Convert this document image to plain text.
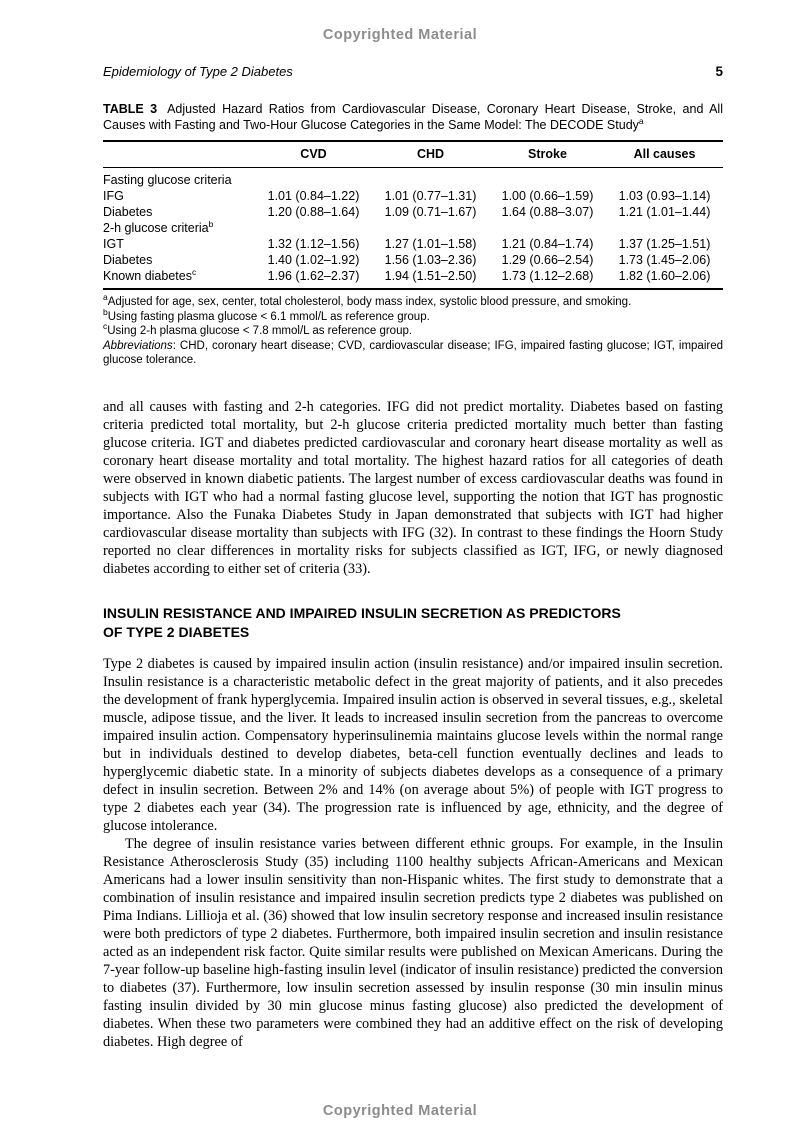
Copyrighted Material
Epidemiology of Type 2 Diabetes	5
TABLE 3 Adjusted Hazard Ratios from Cardiovascular Disease, Coronary Heart Disease, Stroke, and All Causes with Fasting and Two-Hour Glucose Categories in the Same Model: The DECODE Study$^a$
	CVD	CHD	Stroke	All causes
Fasting glucose criteria				
IFG	1.01 (0.84–1.22)	1.01 (0.77–1.31)	1.00 (0.66–1.59)	1.03 (0.93–1.14)
Diabetes	1.20 (0.88–1.64)	1.09 (0.71–1.67)	1.64 (0.88–3.07)	1.21 (1.01–1.44)
2-h glucose criteria$^b$				
IGT	1.32 (1.12–1.56)	1.27 (1.01–1.58)	1.21 (0.84–1.74)	1.37 (1.25–1.51)
Diabetes	1.40 (1.02–1.92)	1.56 (1.03–2.36)	1.29 (0.66–2.54)	1.73 (1.45–2.06)
Known diabetes$^c$	1.96 (1.62–2.37)	1.94 (1.51–2.50)	1.73 (1.12–2.68)	1.82 (1.60–2.06)
$^a$Adjusted for age, sex, center, total cholesterol, body mass index, systolic blood pressure, and smoking.
$^b$Using fasting plasma glucose < 6.1 mmol/L as reference group.
$^c$Using 2-h plasma glucose < 7.8 mmol/L as reference group.
Abbreviations: CHD, coronary heart disease; CVD, cardiovascular disease; IFG, impaired fasting glucose; IGT, impaired glucose tolerance.

and all causes with fasting and 2-h categories. IFG did not predict mortality. Diabetes based on fasting criteria predicted total mortality, but 2-h glucose criteria predicted mortality much better than fasting glucose criteria. IGT and diabetes predicted cardiovascular and coronary heart disease mortality as well as coronary heart disease mortality and total mortality. The highest hazard ratios for all categories of death were observed in known diabetic patients. The largest number of excess cardiovascular deaths was found in subjects with IGT who had a normal fasting glucose level, supporting the notion that IGT has prognostic importance. Also the Funaka Diabetes Study in Japan demonstrated that subjects with IGT had higher cardiovascular disease mortality than subjects with IFG (32). In contrast to these findings the Hoorn Study reported no clear differences in mortality risks for subjects classified as IGT, IFG, or newly diagnosed diabetes according to either set of criteria (33).

INSULIN RESISTANCE AND IMPAIRED INSULIN SECRETION AS PREDICTORS
OF TYPE 2 DIABETES

Type 2 diabetes is caused by impaired insulin action (insulin resistance) and/or impaired insulin secretion. Insulin resistance is a characteristic metabolic defect in the great majority of patients, and it also precedes the development of frank hyperglycemia. Impaired insulin action is observed in several tissues, e.g., skeletal muscle, adipose tissue, and the liver. It leads to increased insulin secretion from the pancreas to overcome impaired insulin action. Compensatory hyperinsulinemia maintains glucose levels within the normal range but in individuals destined to develop diabetes, beta-cell function eventually declines and leads to hyperglycemic diabetic state. In a minority of subjects diabetes develops as a consequence of a primary defect in insulin secretion. Between 2% and 14% (on average about 5%) of people with IGT progress to type 2 diabetes each year (34). The progression rate is influenced by age, ethnicity, and the degree of glucose intolerance.

The degree of insulin resistance varies between different ethnic groups. For example, in the Insulin Resistance Atherosclerosis Study (35) including 1100 healthy subjects African-Americans and Mexican Americans had a lower insulin sensitivity than non-Hispanic whites. The first study to demonstrate that a combination of insulin resistance and impaired insulin secretion predicts type 2 diabetes was published on Pima Indians. Lillioja et al. (36) showed that low insulin secretory response and increased insulin resistance were both predictors of type 2 diabetes. Furthermore, both impaired insulin secretion and insulin resistance acted as an independent risk factor. Quite similar results were published on Mexican Americans. During the 7-year follow-up baseline high-fasting insulin level (indicator of insulin resistance) predicted the conversion to diabetes (37). Furthermore, low insulin secretion assessed by insulin response (30 min insulin minus fasting insulin divided by 30 min glucose minus fasting glucose) also predicted the development of diabetes. When these two parameters were combined they had an additive effect on the risk of developing diabetes. High degree of

Copyrighted Material
